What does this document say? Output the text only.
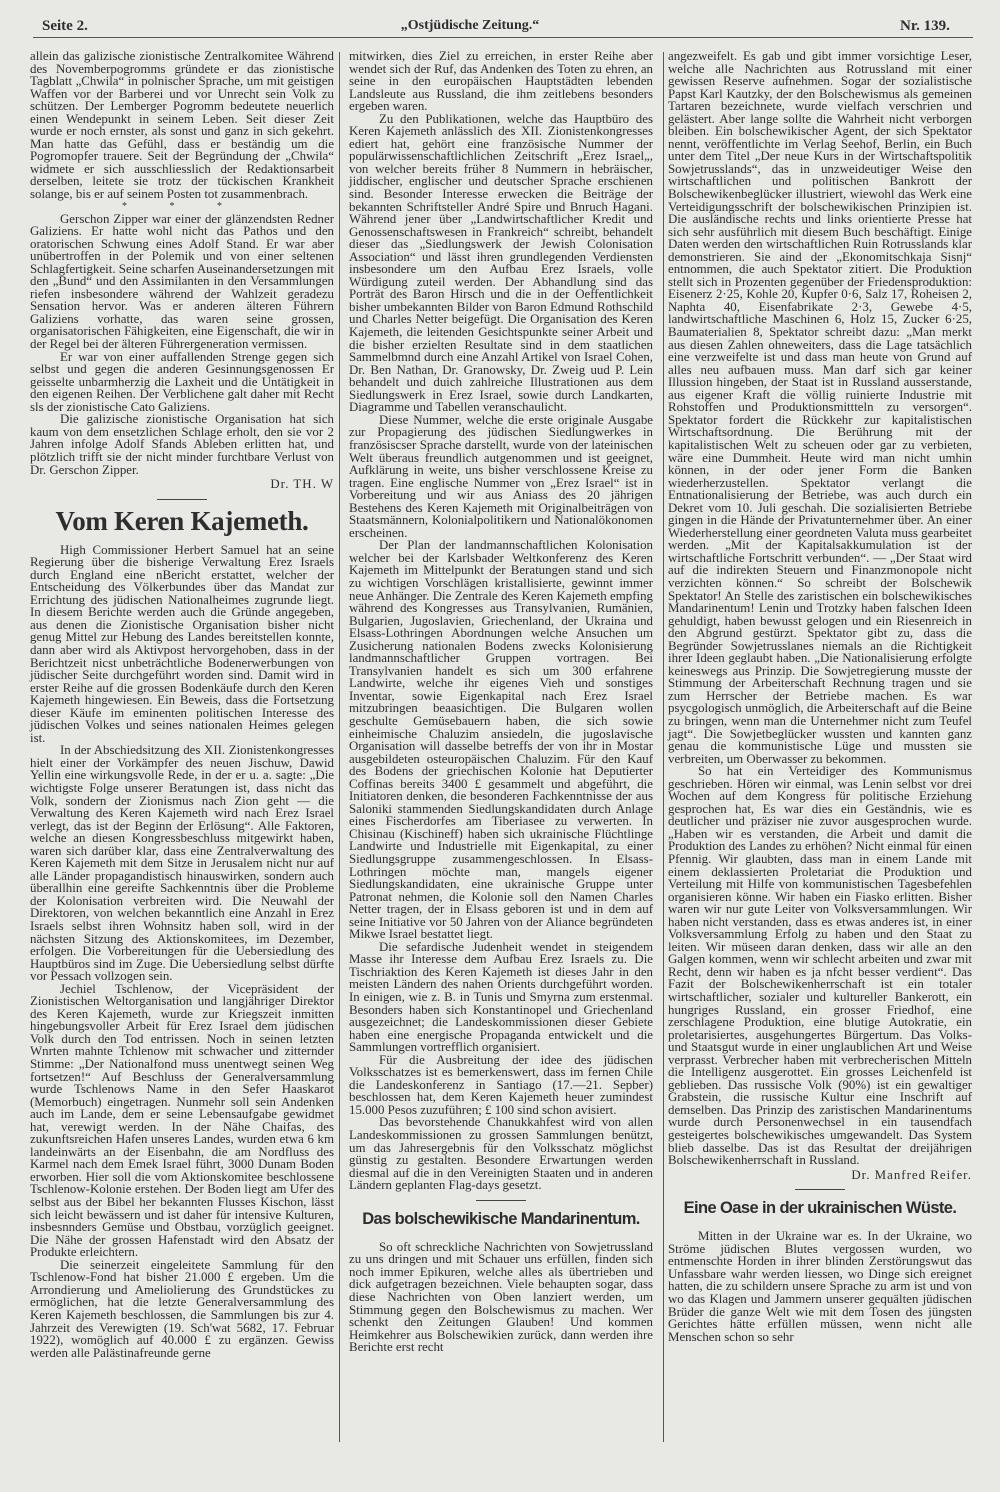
Seite 2.	„Ostjüdische Zeitung.“	Nr. 139.

allein das galizische zionistische Zentralkomitee Während des Novemberpogromms gründete er das zionistische Tagblatt „Chwila“ in polnischer Sprache, um mit geistigen Waffen vor der Barberei und vor Unrecht sein Volk zu schützen. Der Lemberger Pogromm bedeutete neuerlich einen Wendepunkt in seinem Leben. Seit dieser Zeit wurde er noch ernster, als sonst und ganz in sich gekehrt. Man hatte das Gefühl, dass er beständig um die Pogromopfer trauere. Seit der Begründung der „Chwila“ widmete er sich ausschliesslich der Redaktionsarbeit derselben, leitete sie trotz der tückischen Krankheit solange, bis er auf seinem Posten tot zusammenbrach.

* * *

Gerschon Zipper war einer der glänzendsten Redner Galiziens. Er hatte wohl nicht das Pathos und den oratorischen Schwung eines Adolf Stand. Er war aber unübertroffen in der Polemik und von einer seltenen Schlagfertigkeit. Seine scharfen Auseinandersetzungen mit den „Bund“ und den Assimilanten in den Versammlungen riefen insbesondere während der Wahlzeit geradezu Sensation hervor. Was er anderen älteren Führern Galiziens vorhatte, das waren seine grossen, organisatorischen Fähigkeiten, eine Eigenschaft, die wir in der Regel bei der älteren Führergeneration vermissen.

Er war von einer auffallenden Strenge gegen sich selbst und gegen die anderen Gesinnungsgenossen Er geisselte unbarmherzig die Laxheit und die Untätigkeit in den eigenen Reihen. Der Verblichene galt daher mit Recht sls der zionistische Cato Galiziens.

Die galizische zionistische Organisation hat sich kaum von dem ensetzlichen Schlage erholt, den sie vor 2 Jahren infolge Adolf Sfands Ableben erlitten hat, und plötzlich trifft sie der nicht minder furchtbare Verlust von Dr. Gerschon Zipper.

Dr. TH. W

Vom Keren Kajemeth.

High Commissioner Herbert Samuel hat an seine Regierung über die bisherige Verwaltung Erez Israels durch England eine nBericht erstattet, welcher der Entscheidung des Völkerbundes über das Mandat zur Errichtung des jüdischen Nationalheimes zugrunde liegt. In diesem Berichte werden auch die Gründe angegeben, aus denen die Zionistische Organisation bisher nicht genug Mittel zur Hebung des Landes bereitstellen konnte, dann aber wird als Aktivpost hervorgehoben, dass in der Berichtzeit nicst unbeträchtliche Bodenerwerbungen von jüdischer Seite durchgeführt worden sind. Damit wird in erster Reihe auf die grossen Bodenkäufe durch den Keren Kajemeth hingewiesen. Ein Beweis, dass die Fortsetzung dieser Käufe im eminenten politischen Interesse des jüdischen Volkes und seines nationalen Heimes gelegen ist.

In der Abschiedsitzung des XII. Zionistenkongresses hielt einer der Vorkämpfer des neuen Jischuw, Dawid Yellin eine wirkungsvolle Rede, in der er u. a. sagte: „Die wichtigste Folge unserer Beratungen ist, dass nicht das Volk, sondern der Zionismus nach Zion geht — die Verwaltung des Keren Kajemeth wird nach Erez Israel verlegt, das ist der Beginn der Erlösung“. Alle Faktoren, welche an diesen Kongressbeschluss mitgewirkt haben, waren sich darüber klar, dass eine Zentralverwaltung des Keren Kajemeth mit dem Sitze in Jerusalem nicht nur auf alle Länder propagandistisch hinauswirken, sondern auch überallhin eine gereifte Sachkenntnis über die Probleme der Kolonisation verbreiten wird. Die Neuwahl der Direktoren, von welchen bekanntlich eine Anzahl in Erez Israels selbst ihren Wohnsitz haben soll, wird in der nächsten Sitzung des Aktionskomitees, im Dezember, erfolgen. Die Vorbereitungen für die Uebersiedlung des Hauptbüros sind im Zuge. Die Uebersiedlung selbst dürfte vor Pessach vollzogen sein.

Jechiel Tschlenow, der Vicepräsident der Zionistischen Weltorganisation und langjähriger Direktor des Keren Kajemeth, wurde zur Kriegszeit inmitten hingebungsvoller Arbeit für Erez Israel dem jüdischen Volk durch den Tod entrissen. Noch in seinen letzten Wnrten mahnte Tchlenow mit schwacher und zitternder Stimme: „Der Nationalfond muss unentwegt seinen Weg fortsetzen!“ Auf Beschluss der Generalversammlung wurde Tschlenows Name in den Sefer Haaskarot (Memorbuch) eingetragen. Nunmehr soll sein Andenken auch im Lande, dem er seine Lebensaufgabe gewidmet hat, verewigt werden. In der Nähe Chaifas, des zukunftsreichen Hafen unseres Landes, wurden etwa 6 km landeinwärts an der Eisenbahn, die am Nordfluss des Karmel nach dem Emek Israel führt, 3000 Dunam Boden erworben. Hier soll die vom Aktionskomitee beschlossene Tschlenow-Kolonie erstehen. Der Boden liegt am Ufer des selbst aus der Bibel her bekannten Flusses Kischon, lässt sich leicht bewässern und ist daher für intensive Kulturen, insbesnnders Gemüse und Obstbau, vorzüglich geeignet. Die Nähe der grossen Hafenstadt wird den Absatz der Produkte erleichtern.

Die seinerzeit eingeleitete Sammlung für den Tschlenow-Fond hat bisher 21.000 £ ergeben. Um die Arrondierung und Ameliolierung des Grundstückes zu ermöglichen, hat die letzte Generalversammlung des Keren Kajemeth beschlossen, die Sammlungen bis zur 4. Jahrzeit des Verewigten (19. Sch'wat 5682, 17. Februar 1922), womöglich auf 40.000 £ zu ergänzen. Gewiss werden alle Palästinafreunde gerne

mitwirken, dies Ziel zu erreichen, in erster Reihe aber wendet sich der Ruf, das Andenken des Toten zu ehren, an seine in den europäischen Hauptstädten lebenden Landsleute aus Russland, die ihm zeitlebens besonders ergeben waren.

Zu den Publikationen, welche das Hauptbüro des Keren Kajemeth anlässlich des XII. Zionistenkongresses ediert hat, gehört eine französische Nummer der populärwissenschaftlichlichen Zeitschrift „Erez Israel„, von welcher bereits früher 8 Nummern in hebräischer, jiddischer, englischer und deutscher Sprache erschienen sind. Besonder Interesse erwecken die Beiträge der bekannten Schriftsteller André Spire und Bnruch Hagani. Während jener über „Landwirtschaftlicher Kredit und Genossenschaftswesen in Frankreich“ schreibt, behandelt dieser das „Siedlungswerk der Jewish Colonisation Association“ und lässt ihren grundlegenden Verdiensten insbesondere um den Aufbau Erez Israels, volle Würdigung zuteil werden. Der Abhandlung sind das Porträt des Baron Hirsch und die in der Oeffentlichkeit bisher umbekannten Bilder von Baron Edmund Rothschild und Charles Netter beigefügt. Die Organisation des Keren Kajemeth, die leitenden Gesichtspunkte seiner Arbeit und die bisher erzielten Resultate sind in dem staatlichen Sammelbmnd durch eine Anzahl Artikel von Israel Cohen, Dr. Ben Nathan, Dr. Granowsky, Dr. Zweig uud P. Lein behandelt und duich zahlreiche Illustrationen aus dem Siedlungswerk in Erez Israel, sowie durch Landkarten, Diagramme und Tabellen veranschaulicht.

Diese Nummer, welche die erste originale Ausgabe zur Propagierung des jüdischen Siedlungwerkes in französiscser Sprache darstellt, wurde von der lateinischen Welt überaus freundlich autgenommen und ist geeignet, Aufklärung in weite, uns bisher verschlossene Kreise zu tragen. Eine englische Nummer von „Erez Israel“ ist in Vorbereitung und wir aus Aniass des 20 jährigen Bestehens des Keren Kajemeth mit Originalbeiträgen von Staatsmännern, Kolonialpolitikern und Nationalökonomen erscheinen.

Der Plan der landmannschaftlichen Kolonisation welcher bei der Karlsbader Weltkonferenz des Keren Kajemeth im Mittelpunkt der Beratungen stand und sich zu wichtigen Vorschlägen kristallisierte, gewinnt immer neue Anhänger. Die Zentrale des Keren Kajemeth empfing während des Kongresses aus Transylvanien, Rumänien, Bulgarien, Jugoslavien, Griechenland, der Ukraina und Elsass-Lothringen Abordnungen welche Ansuchen um Zusicherung nationalen Bodens zwecks Kolonisierung landmannschaftlicher Gruppen vortragen. Bei Transylvanien handelt es sich um 300 erfahrene Landwirte, welche ihr eigenes Vieh und sonstiges Inventar, sowie Eigenkapital nach Erez Israel mitzubringen beaasichtigen. Die Bulgaren wollen geschulte Gemüsebauern haben, die sich sowie einheimische Chaluzim ansiedeln, die jugoslavische Organisation will dasselbe betreffs der von ihr in Mostar ausgebildeten osteuropäischen Chaluzim. Für den Kauf des Bodens der griechischen Kolonie hat Deputierter Coffinas bereits 3400 £ gesammelt und abgeführt, die Initiatoren denken, die besonderen Fachkenntnisse der aus Saloniki stammenden Siedlungskandidaten durch Anlage eines Fischerdorfes am Tiberiasee zu verwerten. In Chisinau (Kischineff) haben sich ukrainische Flüchtlinge Landwirte und Industrielle mit Eigenkapital, zu einer Siedlungsgruppe zusammengeschlossen. In Elsass-Lothringen möchte man, mangels eigener Siedlungskandidaten, eine ukrainische Gruppe unter Patronat nehmen, die Kolonie soll den Namen Charles Netter tragen, der in Elsass geboren ist und in dem auf seine Initiative vor 50 Jahren von der Aliance begründeten Mikwe Israel bestattet liegt.

Die sefardische Judenheit wendet in steigendem Masse ihr Interesse dem Aufbau Erez Israels zu. Die Tischriaktion des Keren Kajemeth ist dieses Jahr in den meisten Ländern des nahen Orients durchgeführt worden. In einigen, wie z. B. in Tunis und Smyrna zum erstenmal. Besonders haben sich Konstantinopel und Griechenland ausgezeichnet; die Landeskommissionen dieser Gebiete haben eine energische Propaganda entwickelt und die Sammlungen vortrefflich organisiert.

Für die Ausbreitung der idee des jüdischen Volksschatzes ist es bemerkenswert, dass im fernen Chile die Landeskonferenz in Santiago (17.—21. Sepber) beschlossen hat, dem Keren Kajemeth heuer zumindest 15.000 Pesos zuzuführen; £ 100 sind schon avisiert.

Das bevorstehende Chanukkahfest wird von allen Landeskommissionen zu grossen Sammlungen benützt, um das Jahresergebnis für den Volksschatz möglichst günstig zu gestalten. Besondere Erwartungen werden diesmal auf die in den Vereinigten Staaten und in anderen Ländern geplanten Flag-days gesetzt.

Das bolschewikische Mandarinentum.

So oft schreckliche Nachrichten von Sowjetrussland zu uns dringen und mit Schauer uns erfüllen, finden sich noch immer Epikuren, welche alles als übertrieben und dick aufgetragen bezeichnen. Viele behaupten sogar, dass diese Nachrichten von Oben lanziert werden, um Stimmung gegen den Bolschewismus zu machen. Wer schenkt den Zeitungen Glauben! Und kommen Heimkehrer aus Bolschewikien zurück, dann werden ihre Berichte erst recht

angezweifelt. Es gab und gibt immer vorsichtige Leser, welche alle Nachrichten aus Rotrussland mit einer gewissen Reserve aufnehmen. Sogar der sozialistische Papst Karl Kautzky, der den Bolschewismus als gemeinen Tartaren bezeichnete, wurde vielfach verschrien und gelästert. Aber lange sollte die Wahrheit nicht verborgen bleiben. Ein bolschewikischer Agent, der sich Spektator nennt, veröffentlichte im Verlag Seehof, Berlin, ein Buch unter dem Titel „Der neue Kurs in der Wirtschaftspolitik Sowjetrusslands“, das in unzweideutiger Weise den wirtschaftlichen und politischen Bankrott der Bolschewikenbeglücker illustriert, wiewohl das Werk eine Verteidigungsschrift der bolschewikischen Prinzipien ist. Die ausländische rechts und links orientierte Presse hat sich sehr ausführlich mit diesem Buch beschäftigt. Einige Daten werden den wirtschaftlichen Ruin Rotrusslands klar demonstrieren. Sie aind der „Ekonomitschkaja Sisnj“ entnommen, die auch Spektator zitiert. Die Produktion stellt sich in Prozenten gegenüber der Friedensproduktion: Eisenerz 2·25, Kohle 20, Kupfer 0·6, Salz 17, Roheisen 2, Naphta 40, Eisenfabrikate 2·3, Gewebe 4·5, landwirtschaftliche Maschinen 6, Holz 15, Zucker 6·25, Baumaterialien 8, Spektator schreibt dazu: „Man merkt aus diesen Zahlen ohneweiters, dass die Lage tatsächlich eine verzweifelte ist und dass man heute von Grund auf alles neu aufbauen muss. Man darf sich gar keiner Illussion hingeben, der Staat ist in Russland ausserstande, aus eigener Kraft die völlig ruinierte Industrie mit Rohstoffen und Produktionsmittteln zu versorgen“. Spektator fordert die Rückkehr zur kapitalistischen Wirtschaftsordnung. Die Berührung mit der kapitalistischen Welt zu scheuen oder gar zu verbieten, wäre eine Dummheit. Heute wird man nicht umhin können, in der oder jener Form die Banken wiederherzustellen. Spektator verlangt die Entnationalisierung der Betriebe, was auch durch ein Dekret vom 10. Juli geschah. Die sozialisierten Betriebe gingen in die Hände der Privatunternehmer über. An einer Wiederherstellung einer geordneten Valuta muss gearbeitet werden. „Mit der Kapitalsakkumulation ist der wirtschaftliche Fortschritt verbunden“. — „Der Staat wird auf die indirekten Steuern und Finanzmonopole nicht verzichten können.“ So schreibt der Bolschewik Spektator! An Stelle des zaristischen ein bolschewikisches Mandarinentum! Lenin und Trotzky haben falschen Ideen gehuldigt, haben bewusst gelogen und ein Riesenreich in den Abgrund gestürzt. Spektator gibt zu, dass die Begründer Sowjetrusslanes niemals an die Richtigkeit ihrer Ideen geglaubt haben. „Die Nationalisierung erfolgte keineswegs aus Prinzip. Die Sowjetregierung musste der Stimmung der Arbeiterschaft Rechnung tragen und sie zum Herrscher der Betriebe machen. Es war psycgologisch unmöglich, die Arbeiterschaft auf die Beine zu bringen, wenn man die Unternehmer nicht zum Teufel jagt“. Die Sowjetbeglücker wussten und kannten ganz genau die kommunistische Lüge und mussten sie verbreiten, um Oberwasser zu bekommen.

So hat ein Verteidiger des Kommunismus geschrieben. Hören wir einmal, was Lenin selbst vor drei Wochen auf dem Kongress für politische Erziehung gesprochen hat, Es war dies ein Geständnis, wie es deutlicher und präziser nie zuvor ausgesprochen wurde. „Haben wir es verstanden, die Arbeit und damit die Produktion des Landes zu erhöhen? Nicht einmal für einen Pfennig. Wir glaubten, dass man in einem Lande mit einem deklassierten Proletariat die Produktion und Verteilung mit Hilfe von kommunistischen Tagesbefehlen organisieren könne. Wir haben ein Fiasko erlitten. Bisher waren wir nur gute Leiter von Volksversammlungen. Wir haben nicht verstanden, dass es etwas anderes ist, in einer Volksversammlung Erfolg zu haben und den Staat zu leiten. Wir müseen daran denken, dass wir alle an den Galgen kommen, wenn wir schlecht arbeiten und zwar mit Recht, denn wir haben es ja nfcht besser verdient“. Das Fazit der Bolschewikenherrschaft ist ein totaler wirtschaftlicher, sozialer und kultureller Bankerott, ein hungriges Russland, ein grosser Friedhof, eine zerschlagene Produktion, eine blutige Autokratie, ein proletarisiertes, ausgehungertes Bürgertum. Das Volks- und Staatsgut wurde in einer unglaublichen Art und Weise verprasst. Verbrecher haben mit verbrecherischen Mitteln die Intelligenz ausgerottet. Ein grosses Leichenfeld ist geblieben. Das russische Volk (90%) ist ein gewaltiger Grabstein, die russische Kultur eine Inschrift auf demselben. Das Prinzip des zaristischen Mandarinentums wurde durch Personenwechsel in ein tausendfach gesteigertes bolschewikisches umgewandelt. Das System blieb dasselbe. Das ist das Resultat der dreijährigen Bolschewikenherrschaft in Russland.

Dr. Manfred Reifer.

Eine Oase in der ukrainischen Wüste.

Mitten in der Ukraine war es. In der Ukraine, wo Ströme jüdischen Blutes vergossen wurden, wo entmenschte Horden in ihrer blinden Zerstörungswut das Unfassbare wahr werden liessen, wo Dinge sich ereignet hatten, die zu schildern unsere Sprache zu arm ist und von wo das Klagen und Jammern unserer gequälten jüdischen Brüder die ganze Welt wie mit dem Tosen des jüngsten Gerichtes hätte erfüllen müssen, wenn nicht alle Menschen schon so sehr
